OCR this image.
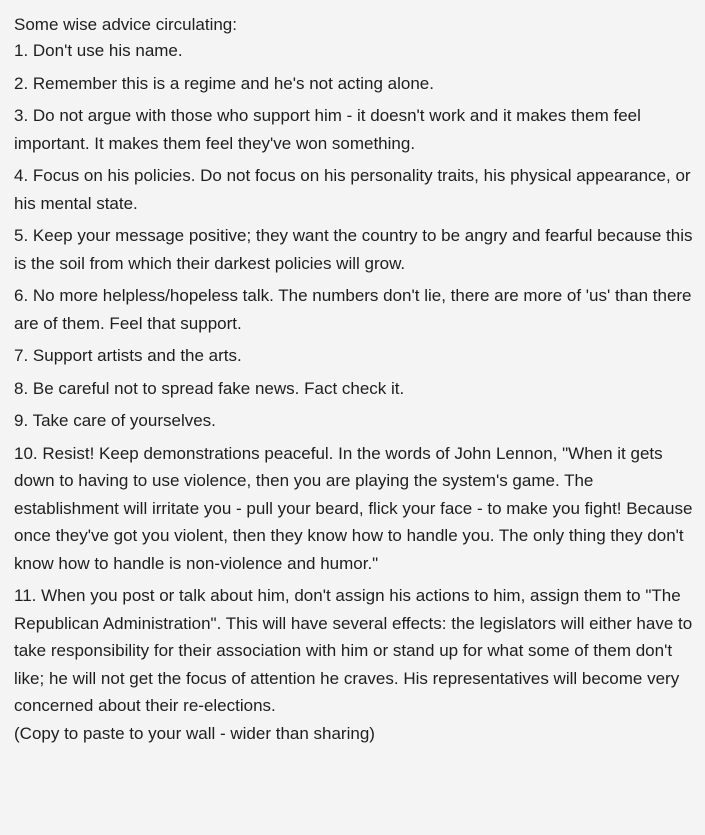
Some wise advice circulating:

1. Don't use his name.

2. Remember this is a regime and he's not acting alone.

3. Do not argue with those who support him - it doesn't work and it makes them feel important. It makes them feel they've won something.

4. Focus on his policies. Do not focus on his personality traits, his physical appearance, or his mental state.

5. Keep your message positive; they want the country to be angry and fearful because this is the soil from which their darkest policies will grow.

6. No more helpless/hopeless talk. The numbers don't lie, there are more of 'us' than there are of them. Feel that support.

7. Support artists and the arts.

8. Be careful not to spread fake news. Fact check it.

9. Take care of yourselves.

10. Resist! Keep demonstrations peaceful. In the words of John Lennon, "When it gets down to having to use violence, then you are playing the system's game. The establishment will irritate you - pull your beard, flick your face - to make you fight! Because once they've got you violent, then they know how to handle you. The only thing they don't know how to handle is non-violence and humor."

11. When you post or talk about him, don't assign his actions to him, assign them to "The Republican Administration". This will have several effects: the legislators will either have to take responsibility for their association with him or stand up for what some of them don't like; he will not get the focus of attention he craves. His representatives will become very concerned about their re-elections.

(Copy to paste to your wall - wider than sharing)
